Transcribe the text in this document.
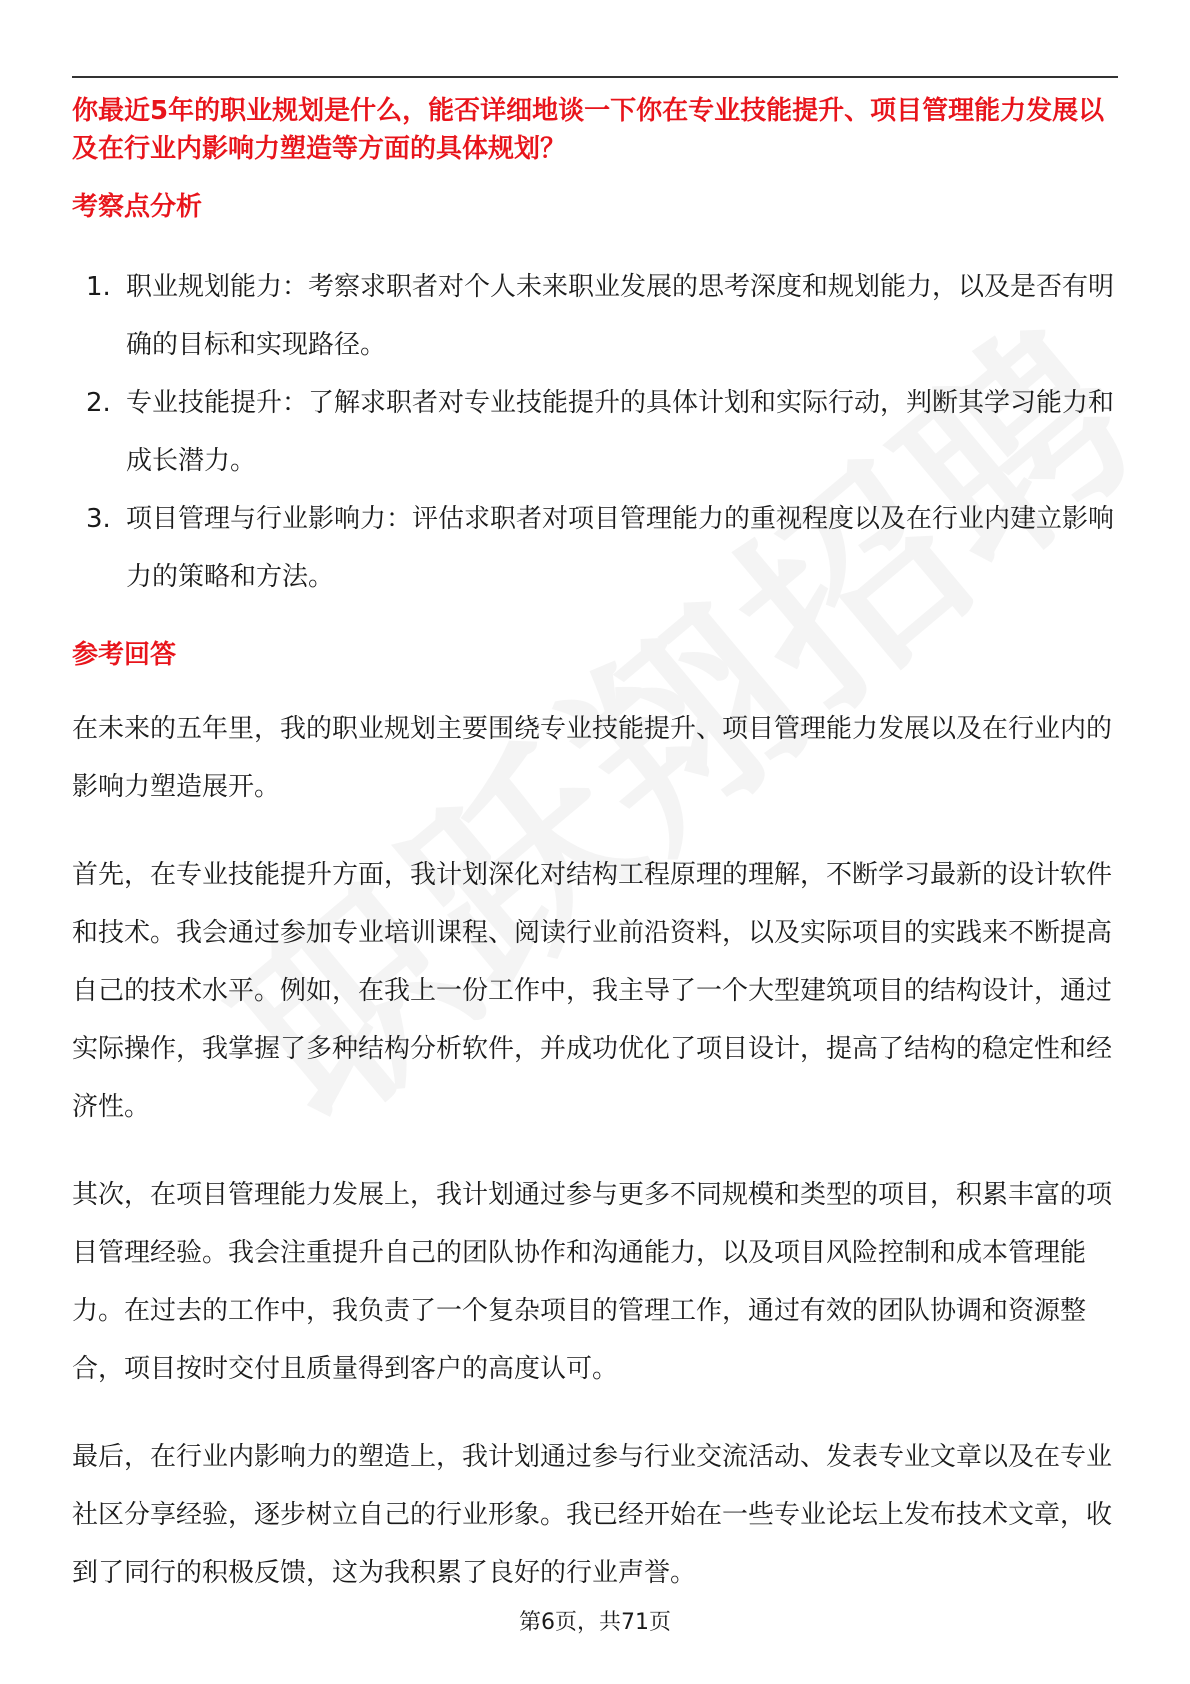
你最近5年的职业规划是什么，能否详细地谈一下你在专业技能提升、项目管理能力发展以及在行业内影响力塑造等方面的具体规划？

考察点分析
1. 职业规划能力：考察求职者对个人未来职业发展的思考深度和规划能力，以及是否有明确的目标和实现路径。
2. 专业技能提升：了解求职者对专业技能提升的具体计划和实际行动，判断其学习能力和成长潜力。
3. 项目管理与行业影响力：评估求职者对项目管理能力的重视程度以及在行业内建立影响力的策略和方法。
参考回答

在未来的五年里，我的职业规划主要围绕专业技能提升、项目管理能力发展以及在行业内的影响力塑造展开。

首先，在专业技能提升方面，我计划深化对结构工程原理的理解，不断学习最新的设计软件和技术。我会通过参加专业培训课程、阅读行业前沿资料，以及实际项目的实践来不断提高自己的技术水平。例如，在我上一份工作中，我主导了一个大型建筑项目的结构设计，通过实际操作，我掌握了多种结构分析软件，并成功优化了项目设计，提高了结构的稳定性和经济性。

其次，在项目管理能力发展上，我计划通过参与更多不同规模和类型的项目，积累丰富的项目管理经验。我会注重提升自己的团队协作和沟通能力，以及项目风险控制和成本管理能力。在过去的工作中，我负责了一个复杂项目的管理工作，通过有效的团队协调和资源整合，项目按时交付且质量得到客户的高度认可。

最后，在行业内影响力的塑造上，我计划通过参与行业交流活动、发表专业文章以及在专业社区分享经验，逐步树立自己的行业形象。我已经开始在一些专业论坛上发布技术文章，收到了同行的积极反馈，这为我积累了良好的行业声誉。

第6页，共71页
